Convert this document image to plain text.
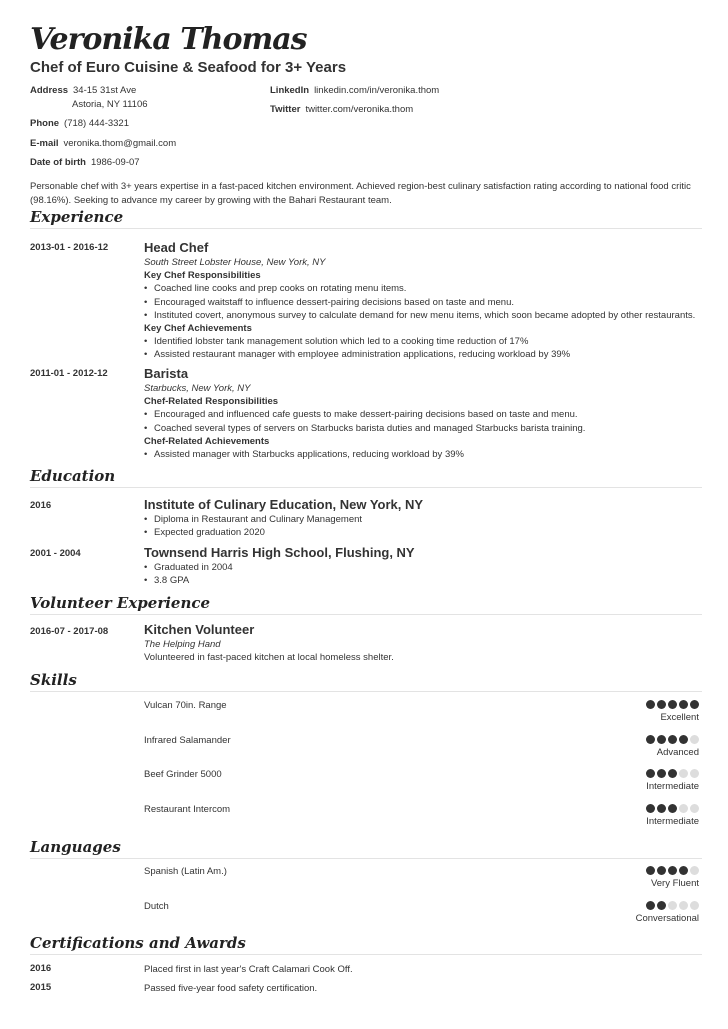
Veronika Thomas
Chef of Euro Cuisine & Seafood for 3+ Years
Address 34-15 31st Ave
Astoria, NY 11106
Phone (718) 444-3321
E-mail veronika.thom@gmail.com
Date of birth 1986-09-07
LinkedIn linkedin.com/in/veronika.thom
Twitter twitter.com/veronika.thom
Personable chef with 3+ years expertise in a fast-paced kitchen environment. Achieved region-best culinary satisfaction rating according to national food critic (98.16%). Seeking to advance my career by growing with the Bahari Restaurant team.
Experience
2013-01 - 2016-12	Head Chef
South Street Lobster House, New York, NY
Key Chef Responsibilities
• Coached line cooks and prep cooks on rotating menu items.
• Encouraged waitstaff to influence dessert-pairing decisions based on taste and menu.
• Instituted covert, anonymous survey to calculate demand for new menu items, which soon became adopted by other restaurants.
Key Chef Achievements
• Identified lobster tank management solution which led to a cooking time reduction of 17%
• Assisted restaurant manager with employee administration applications, reducing workload by 39%
2011-01 - 2012-12	Barista
Starbucks, New York, NY
Chef-Related Responsibilities
• Encouraged and influenced cafe guests to make dessert-pairing decisions based on taste and menu.
• Coached several types of servers on Starbucks barista duties and managed Starbucks barista training.
Chef-Related Achievements
• Assisted manager with Starbucks applications, reducing workload by 39%
Education
2016	Institute of Culinary Education, New York, NY
• Diploma in Restaurant and Culinary Management
• Expected graduation 2020
2001 - 2004	Townsend Harris High School, Flushing, NY
• Graduated in 2004
• 3.8 GPA
Volunteer Experience
2016-07 - 2017-08	Kitchen Volunteer
The Helping Hand
Volunteered in fast-paced kitchen at local homeless shelter.
Skills
Vulcan 70in. Range
Excellent
Infrared Salamander
Advanced
Beef Grinder 5000
Intermediate
Restaurant Intercom
Intermediate
Languages
Spanish (Latin Am.)
Very Fluent
Dutch
Conversational
Certifications and Awards
2016	Placed first in last year's Craft Calamari Cook Off.
2015	Passed five-year food safety certification.
